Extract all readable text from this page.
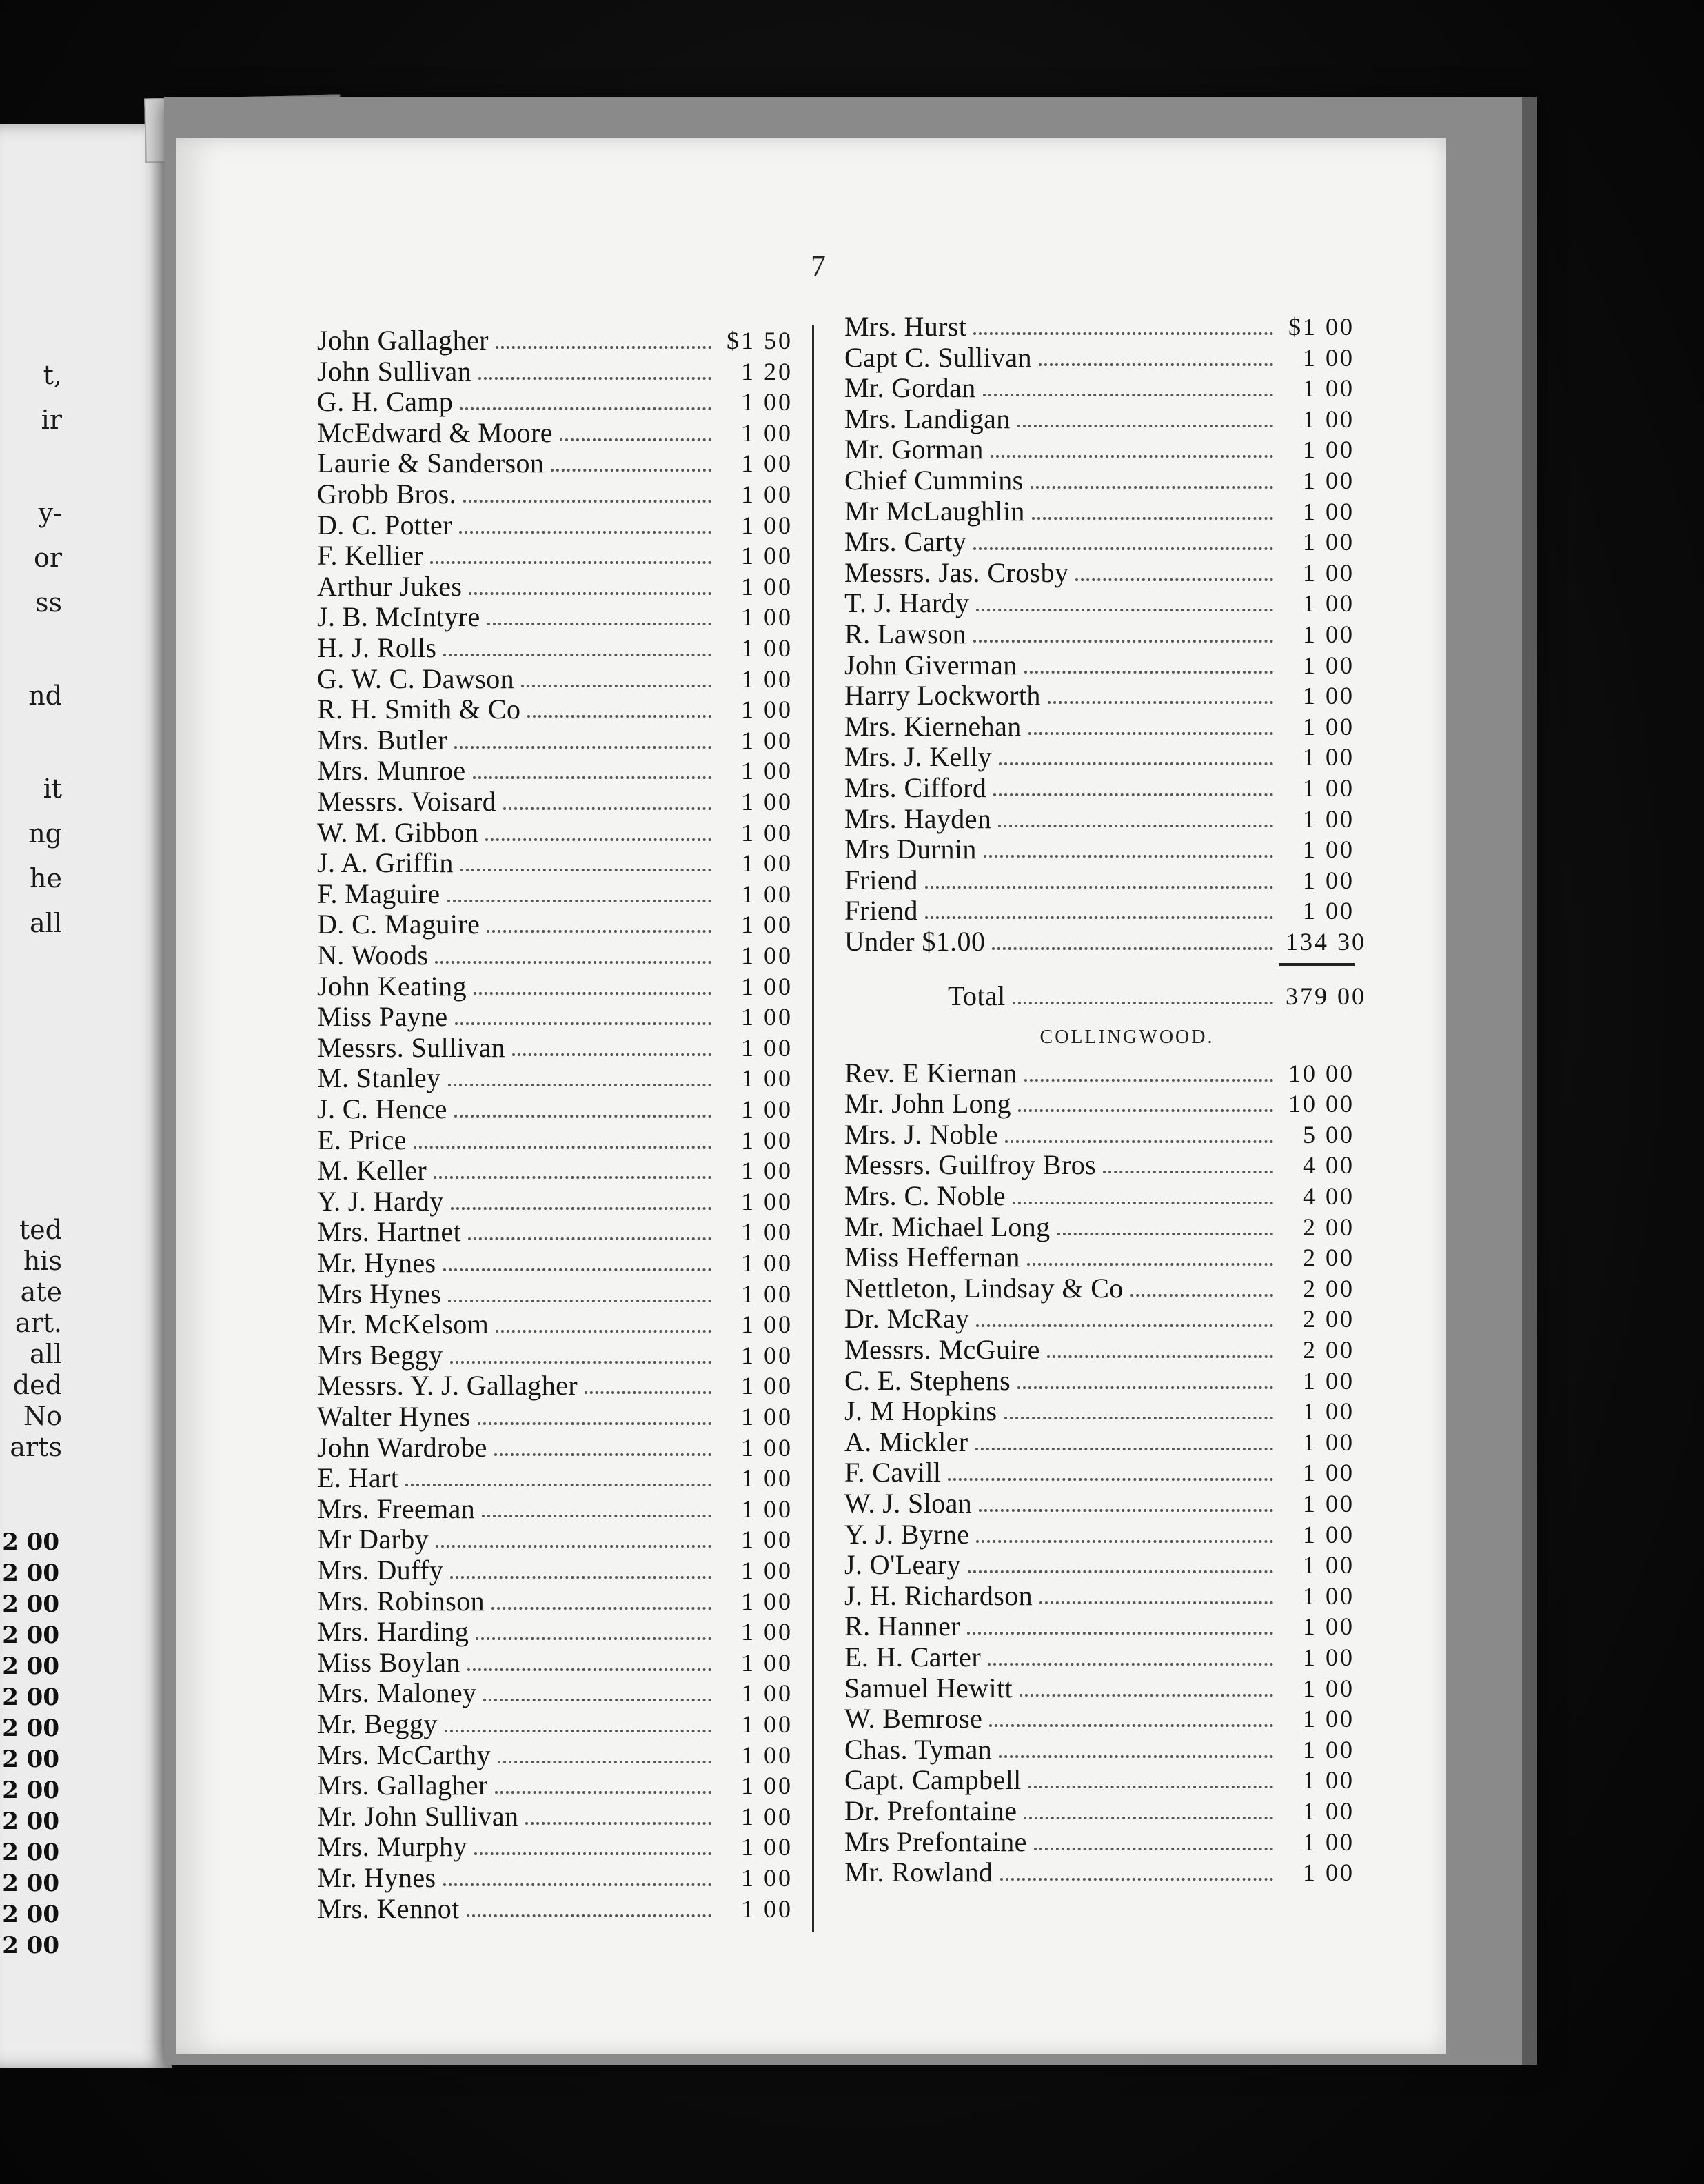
t,
ir
y-
or
ss
nd
it
ng
he
all
ted
his
ate
art.
all
ded
No
arts
2 00
2 00
2 00
2 00
2 00
2 00
2 00
2 00
2 00
2 00
2 00
2 00
2 00
2 00
7
John Gallagher	$1 50
John Sullivan	1 20
G. H. Camp	1 00
McEdward & Moore	1 00
Laurie & Sanderson	1 00
Grobb Bros.	1 00
D. C. Potter	1 00
F. Kellier	1 00
Arthur Jukes	1 00
J. B. McIntyre	1 00
H. J. Rolls	1 00
G. W. C. Dawson	1 00
R. H. Smith & Co	1 00
Mrs. Butler	1 00
Mrs. Munroe	1 00
Messrs. Voisard	1 00
W. M. Gibbon	1 00
J. A. Griffin	1 00
F. Maguire	1 00
D. C. Maguire	1 00
N. Woods	1 00
John Keating	1 00
Miss Payne	1 00
Messrs. Sullivan	1 00
M. Stanley	1 00
J. C. Hence	1 00
E. Price	1 00
M. Keller	1 00
Y. J. Hardy	1 00
Mrs. Hartnet	1 00
Mr. Hynes	1 00
Mrs Hynes	1 00
Mr. McKelsom	1 00
Mrs Beggy	1 00
Messrs. Y. J. Gallagher	1 00
Walter Hynes	1 00
John Wardrobe	1 00
E. Hart	1 00
Mrs. Freeman	1 00
Mr Darby	1 00
Mrs. Duffy	1 00
Mrs. Robinson	1 00
Mrs. Harding	1 00
Miss Boylan	1 00
Mrs. Maloney	1 00
Mr. Beggy	1 00
Mrs. McCarthy	1 00
Mrs. Gallagher	1 00
Mr. John Sullivan	1 00
Mrs. Murphy	1 00
Mr. Hynes	1 00
Mrs. Kennot	1 00
Mrs. Hurst	$1 00
Capt C. Sullivan	1 00
Mr. Gordan	1 00
Mrs. Landigan	1 00
Mr. Gorman	1 00
Chief Cummins	1 00
Mr McLaughlin	1 00
Mrs. Carty	1 00
Messrs. Jas. Crosby	1 00
T. J. Hardy	1 00
R. Lawson	1 00
John Giverman	1 00
Harry Lockworth	1 00
Mrs. Kiernehan	1 00
Mrs. J. Kelly	1 00
Mrs. Cifford	1 00
Mrs. Hayden	1 00
Mrs Durnin	1 00
Friend	1 00
Friend	1 00
Under $1.00	134 30
Total	379 00
Rev. E Kiernan	10 00
Mr. John Long	10 00
Mrs. J. Noble	5 00
Messrs. Guilfroy Bros	4 00
Mrs. C. Noble	4 00
Mr. Michael Long	2 00
Miss Heffernan	2 00
Nettleton, Lindsay & Co	2 00
Dr. McRay	2 00
Messrs. McGuire	2 00
C. E. Stephens	1 00
J. M Hopkins	1 00
A. Mickler	1 00
F. Cavill	1 00
W. J. Sloan	1 00
Y. J. Byrne	1 00
J. O'Leary	1 00
J. H. Richardson	1 00
R. Hanner	1 00
E. H. Carter	1 00
Samuel Hewitt	1 00
W. Bemrose	1 00
Chas. Tyman	1 00
Capt. Campbell	1 00
Dr. Prefontaine	1 00
Mrs Prefontaine	1 00
Mr. Rowland	1 00
COLLINGWOOD.
